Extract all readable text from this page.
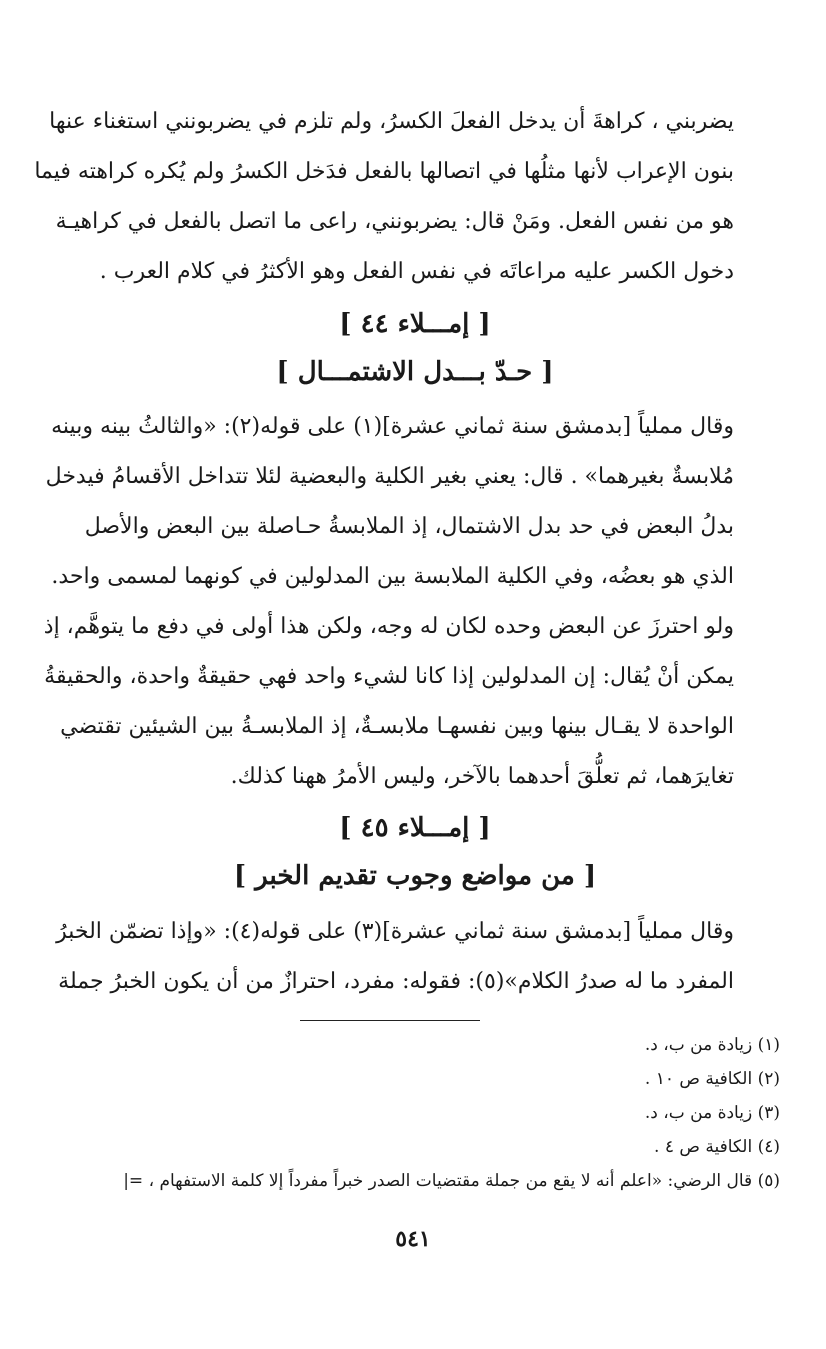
يضربني ، كراهةَ أن يدخل الفعلَ الكسرُ، ولم تلزم في يضربونني استغناء عنها
بنون الإعراب لأنها مثلُها في اتصالها بالفعل فدَخل الكسرُ ولم يُكره كراهته فيما
هو من نفس الفعل. ومَنْ قال: يضربونني، راعى ما اتصل بالفعل في كراهيـة
دخول الكسر عليه مراعاتَه في نفس الفعل وهو الأكثرُ في كلام العرب .
[ إمـــلاء ٤٤ ]
[ حـدّ بـــدل الاشتمـــال ]
وقال مملياً [بدمشق سنة ثماني عشرة](١) على قوله(٢): «والثالثُ بينه وبينه
مُلابسةٌ بغيرهما» . قال: يعني بغير الكلية والبعضية لئلا تتداخل الأقسامُ فيدخل
بدلُ البعض في حد بدل الاشتمال، إذ الملابسةُ حـاصلة بين البعض والأصل
الذي هو بعضُه، وفي الكلية الملابسة بين المدلولين في كونهما لمسمى واحد.
ولو احترزَ عن البعض وحده لكان له وجه، ولكن هذا أولى في دفع ما يتوهَّم، إذ
يمكن أنْ يُقال: إن المدلولين إذا كانا لشيء واحد فهي حقيقةٌ واحدة، والحقيقةُ
الواحدة لا يقـال بينها وبين نفسهـا ملابسـةٌ، إذ الملابسـةُ بين الشيئين تقتضي
تغايرَهما، ثم تعلُّقَ أحدهما بالآخر، وليس الأمرُ ههنا كذلك.
[ إمـــلاء ٤٥ ]
[ من مواضع وجوب تقديم الخبر ]
وقال مملياً [بدمشق سنة ثماني عشرة](٣) على قوله(٤): «وإذا تضمّن الخبرُ
المفرد ما له صدرُ الكلام»(٥): فقوله: مفرد، احترازٌ من أن يكون الخبرُ جملة
(١) زيادة من ب، د.
(٢) الكافية ص ١٠ .
(٣) زيادة من ب، د.
(٤) الكافية ص ٤ .
(٥) قال الرضي: «اعلم أنه لا يقع من جملة مقتضيات الصدر خبراً مفرداً إلا كلمة الاستفهام ، =|
٥٤١
